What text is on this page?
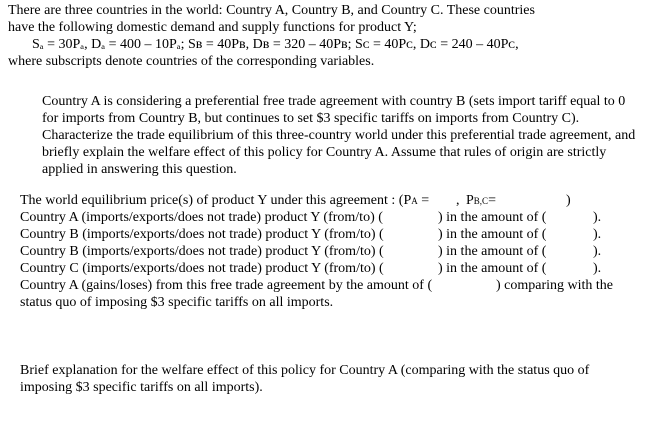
There are three countries in the world: Country A, Country B, and Country C. These countries
have the following domestic demand and supply functions for product Y;
Sₐ = 30Pₐ, Dₐ = 400 – 10Pₐ; Sʙ = 40Pʙ, Dʙ = 320 – 40Pʙ; Sᴄ = 40Pᴄ, Dᴄ = 240 – 40Pᴄ,
where subscripts denote countries of the corresponding variables.
Country A is considering a preferential free trade agreement with country B (sets import tariff equal to 0 for imports from Country B, but continues to set $3 specific tariffs on imports from Country C). Characterize the trade equilibrium of this three-country world under this preferential trade agreement, and briefly explain the welfare effect of this policy for Country A. Assume that rules of origin are strictly applied in answering this question.
The world equilibrium price(s) of product Y under this agreement : (PA = , PB,C=	)
Country A (imports/exports/does not trade) product Y (from/to) (	) in the amount of (	).
Country B (imports/exports/does not trade) product Y (from/to) (	) in the amount of (	).
Country B (imports/exports/does not trade) product Y (from/to) (	) in the amount of (	).
Country C (imports/exports/does not trade) product Y (from/to) (	) in the amount of (	).
Country A (gains/loses) from this free trade agreement by the amount of (	) comparing with the
status quo of imposing $3 specific tariffs on all imports.
Brief explanation for the welfare effect of this policy for Country A (comparing with the status quo of imposing $3 specific tariffs on all imports).
